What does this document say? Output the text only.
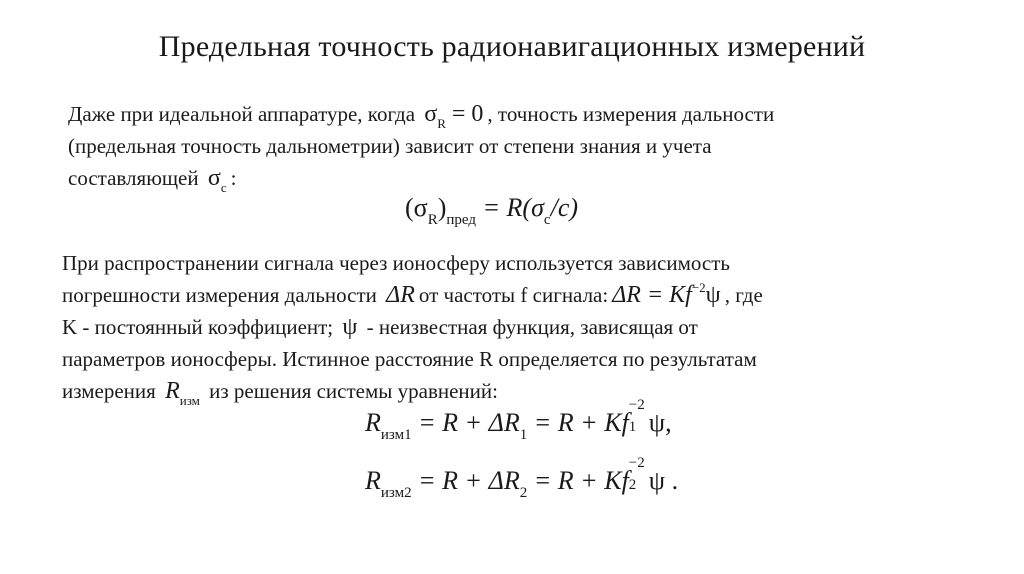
Предельная точность радионавигационных измерений
Даже при идеальной аппаратуре, когда $\sigma_R = 0$ , точность измерения дальности
(предельная точность дальнометрии) зависит от степени знания и учета
составляющей $\sigma_с$ :
$(\sigma_R)_{пред} = R(\sigma_с/c)$
При распространении сигнала через ионосферу используется зависимость
погрешности измерения дальности ΔR от частоты f сигнала: $\Delta R = Kf^{-2}\psi$ , где
K - постоянный коэффициент; ψ - неизвестная функция, зависящая от
параметров ионосферы. Истинное расстояние R определяется по результатам
измерения $R_{изм}$ из решения системы уравнений:
$R_{изм1} = R + \Delta R_1 = R + Kf$
−2
1 ψ,
$R_{изм2} = R + \Delta R_2 = R + Kf$
−2
2 ψ .
